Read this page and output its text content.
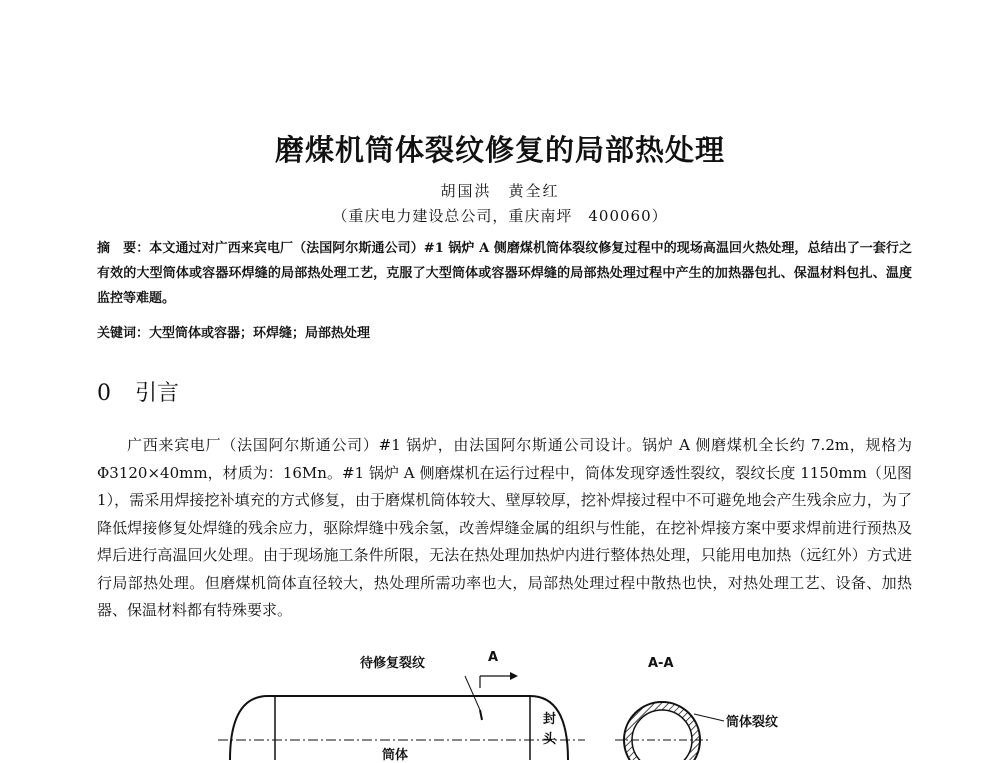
磨煤机筒体裂纹修复的局部热处理
胡国洪　黄全红
（重庆电力建设总公司，重庆南坪　400060）
摘　要：本文通过对广西来宾电厂（法国阿尔斯通公司）#1 锅炉 A 侧磨煤机筒体裂纹修复过程中的现场高温回火热处理，总结出了一套行之有效的大型筒体或容器环焊缝的局部热处理工艺，克服了大型筒体或容器环焊缝的局部热处理过程中产生的加热器包扎、保温材料包扎、温度监控等难题。
关键词：大型筒体或容器；环焊缝；局部热处理
0 引言
广西来宾电厂（法国阿尔斯通公司）#1 锅炉，由法国阿尔斯通公司设计。锅炉 A 侧磨煤机全长约 7.2m，规格为Φ3120×40mm，材质为：16Mn。#1 锅炉 A 侧磨煤机在运行过程中，筒体发现穿透性裂纹，裂纹长度 1150mm（见图 1），需采用焊接挖补填充的方式修复，由于磨煤机筒体较大、壁厚较厚，挖补焊接过程中不可避免地会产生残余应力，为了降低焊接修复处焊缝的残余应力，驱除焊缝中残余氢，改善焊缝金属的组织与性能，在挖补焊接方案中要求焊前进行预热及焊后进行高温回火处理。由于现场施工条件所限，无法在热处理加热炉内进行整体热处理，只能用电加热（远红外）方式进行局部热处理。但磨煤机筒体直径较大，热处理所需功率也大，局部热处理过程中散热也快，对热处理工艺、设备、加热器、保温材料都有特殊要求。
待修复裂纹	A	A-A
封
头
筒体
筒体裂纹
